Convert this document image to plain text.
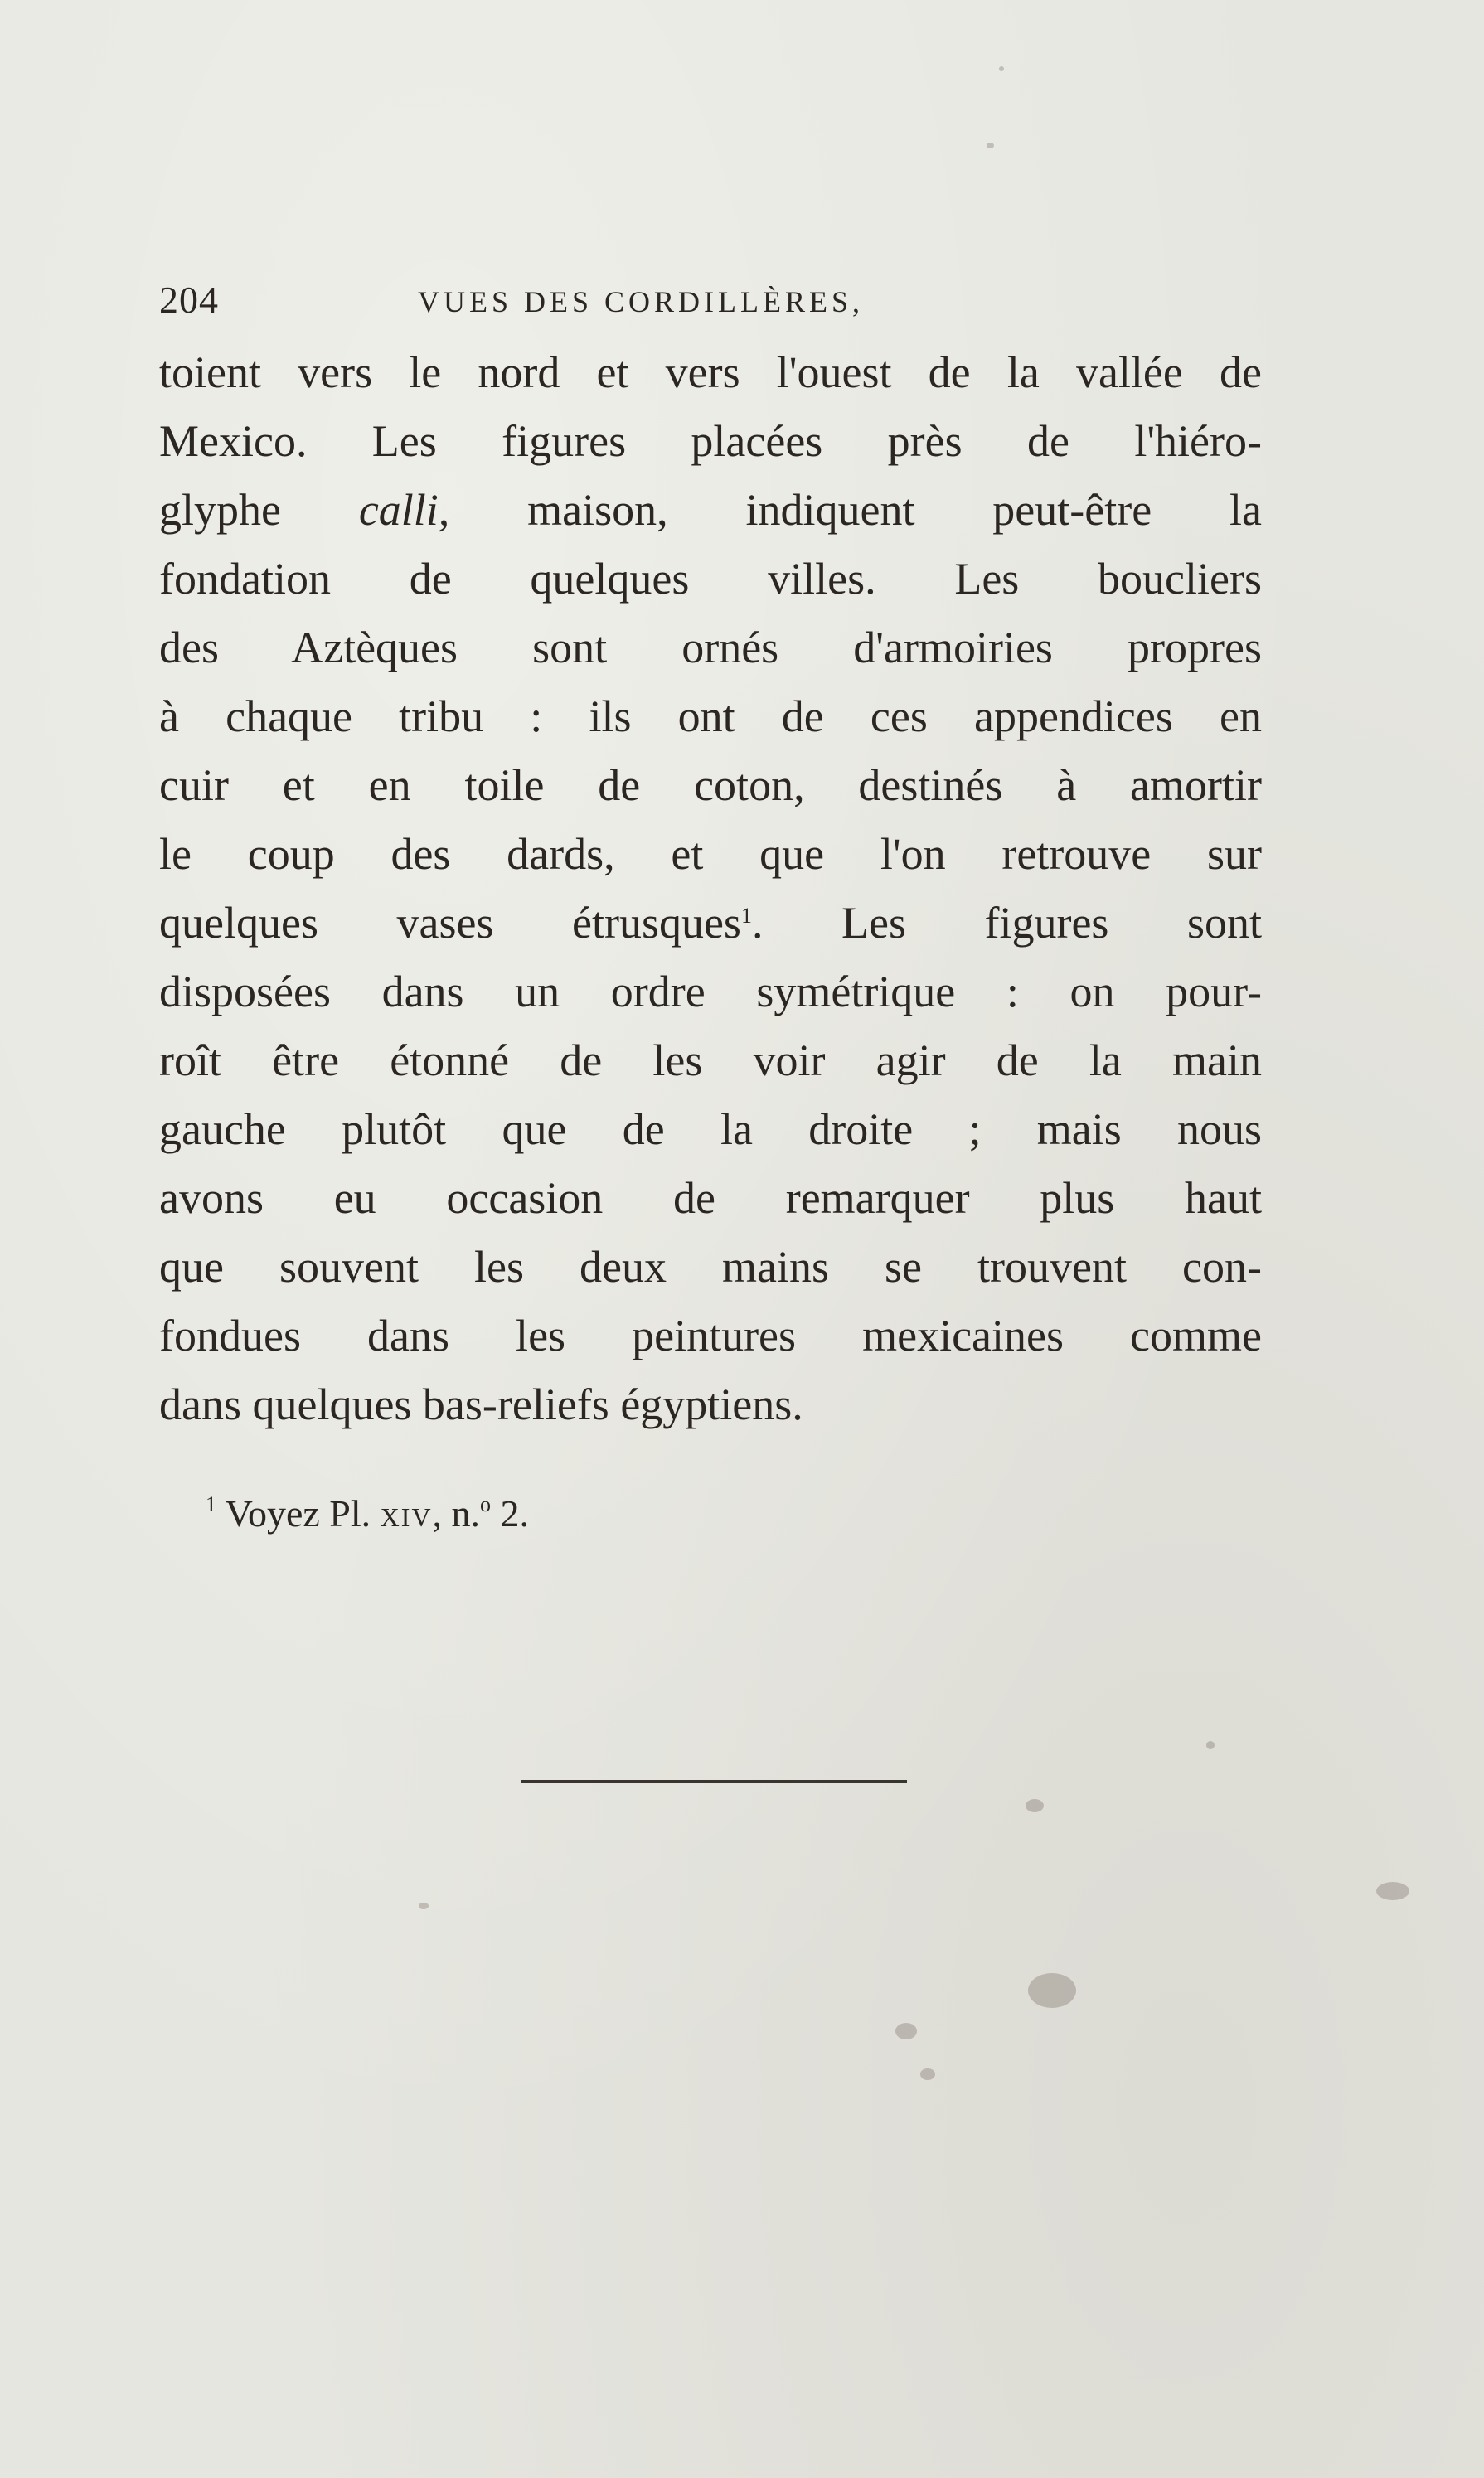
204	VUES DES CORDILLÈRES,
toient vers le nord et vers l'ouest de la vallée de
Mexico. Les figures placées près de l'hiéro-
glyphe calli, maison, indiquent peut-être la
fondation de quelques villes. Les boucliers
des Aztèques sont ornés d'armoiries propres
à chaque tribu : ils ont de ces appendices en
cuir et en toile de coton, destinés à amortir
le coup des dards, et que l'on retrouve sur
quelques vases étrusques$^1$. Les figures sont
disposées dans un ordre symétrique : on pour-
roît être étonné de les voir agir de la main
gauche plutôt que de la droite ; mais nous
avons eu occasion de remarquer plus haut
que souvent les deux mains se trouvent con-
fondues dans les peintures mexicaines comme
dans quelques bas-reliefs égyptiens.
$^1$ Voyez Pl. xiv, n.$^o$ 2.
